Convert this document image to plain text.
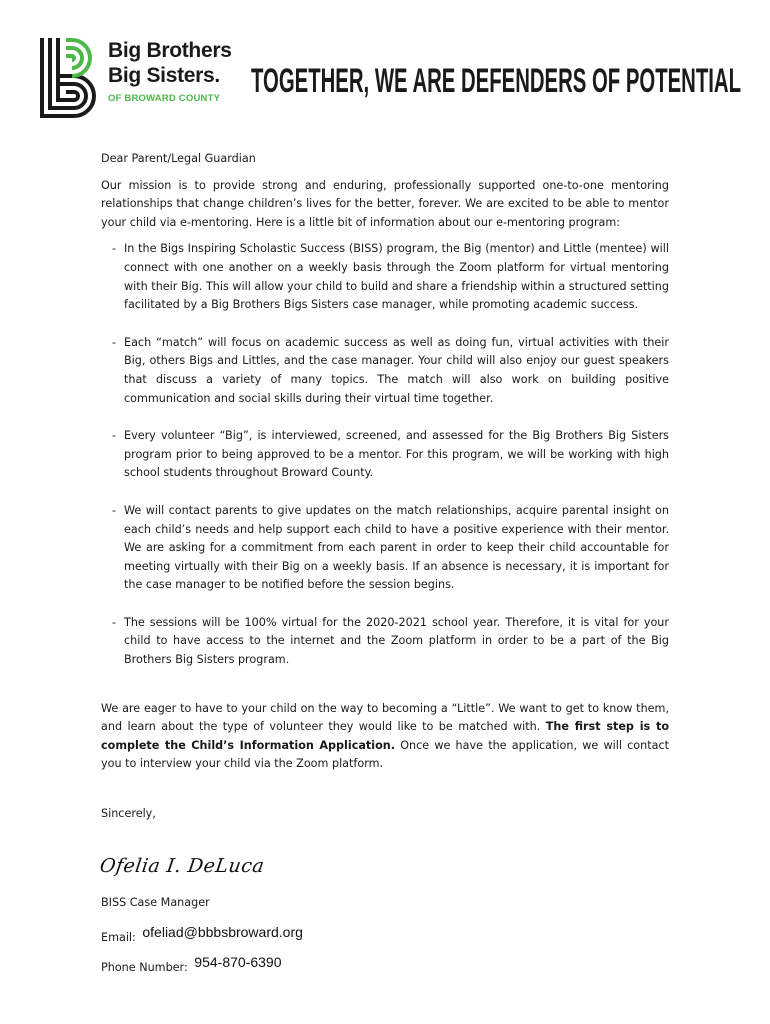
Big Brothers
Big Sisters.
OF BROWARD COUNTY TOGETHER, WE ARE DEFENDERS OF POTENTIAL

Dear Parent/Legal Guardian

Our mission is to provide strong and enduring, professionally supported one-to-one mentoring relationships that change children’s lives for the better, forever. We are excited to be able to mentor your child via e-mentoring. Here is a little bit of information about our e-mentoring program:

- In the Bigs Inspiring Scholastic Success (BISS) program, the Big (mentor) and Little (mentee) will connect with one another on a weekly basis through the Zoom platform for virtual mentoring with their Big. This will allow your child to build and share a friendship within a structured setting facilitated by a Big Brothers Bigs Sisters case manager, while promoting academic success.
- Each “match” will focus on academic success as well as doing fun, virtual activities with their Big, others Bigs and Littles, and the case manager. Your child will also enjoy our guest speakers that discuss a variety of many topics. The match will also work on building positive communication and social skills during their virtual time together.
- Every volunteer “Big”, is interviewed, screened, and assessed for the Big Brothers Big Sisters program prior to being approved to be a mentor. For this program, we will be working with high school students throughout Broward County.
- We will contact parents to give updates on the match relationships, acquire parental insight on each child’s needs and help support each child to have a positive experience with their mentor. We are asking for a commitment from each parent in order to keep their child accountable for meeting virtually with their Big on a weekly basis. If an absence is necessary, it is important for the case manager to be notified before the session begins.
- The sessions will be 100% virtual for the 2020-2021 school year. Therefore, it is vital for your child to have access to the internet and the Zoom platform in order to be a part of the Big Brothers Big Sisters program.

We are eager to have to your child on the way to becoming a “Little”. We want to get to know them, and learn about the type of volunteer they would like to be matched with. The first step is to complete the Child’s Information Application. Once we have the application, we will contact you to interview your child via the Zoom platform.

Sincerely,

Ofelia I. DeLuca
BISS Case Manager
Email: ofeliad@bbbsbroward.org
Phone Number: 954-870-6390
